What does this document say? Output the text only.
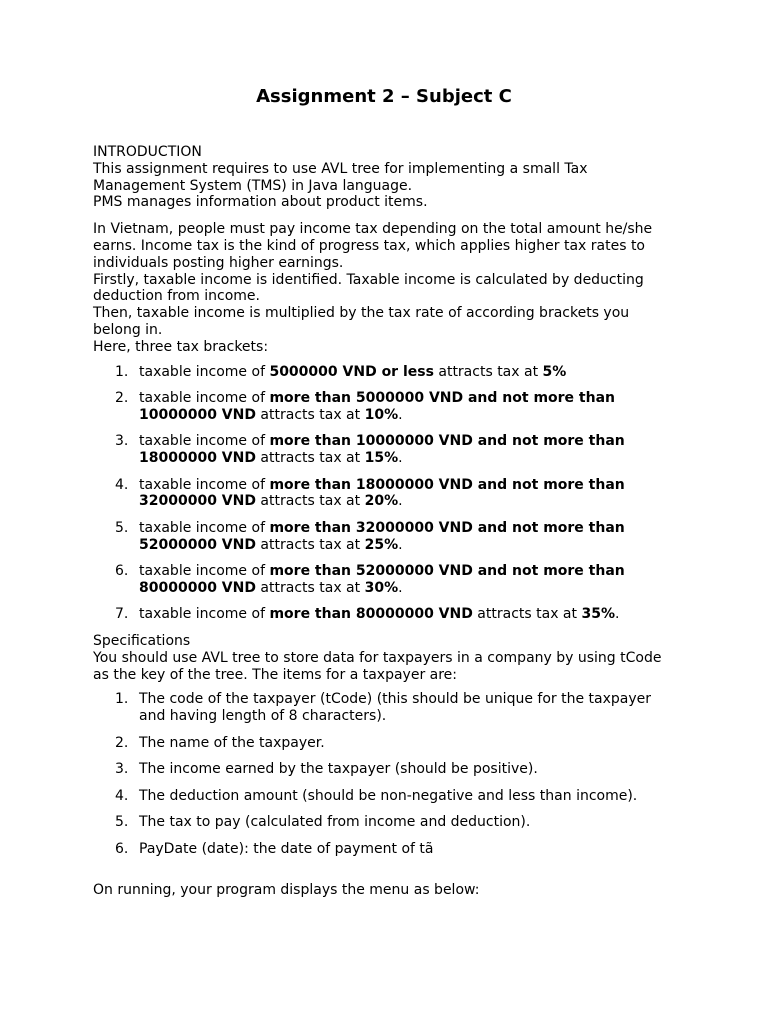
Assignment 2 – Subject C

INTRODUCTION

This assignment requires to use AVL tree for implementing a small Tax Management System (TMS) in Java language.

PMS manages information about product items.

In Vietnam, people must pay income tax depending on the total amount he/she earns. Income tax is the kind of progress tax, which applies higher tax rates to individuals posting higher earnings.

Firstly, taxable income is identified. Taxable income is calculated by deducting deduction from income.

Then, taxable income is multiplied by the tax rate of according brackets you belong in.

Here, three tax brackets:

1. taxable income of 5000000 VND or less attracts tax at 5%
2. taxable income of more than 5000000 VND and not more than 10000000 VND attracts tax at 10%.
3. taxable income of more than 10000000 VND and not more than 18000000 VND attracts tax at 15%.
4. taxable income of more than 18000000 VND and not more than 32000000 VND attracts tax at 20%.
5. taxable income of more than 32000000 VND and not more than 52000000 VND attracts tax at 25%.
6. taxable income of more than 52000000 VND and not more than 80000000 VND attracts tax at 30%.
7. taxable income of more than 80000000 VND attracts tax at 35%.

Specifications

You should use AVL tree to store data for taxpayers in a company by using tCode as the key of the tree. The items for a taxpayer are:

1. The code of the taxpayer (tCode) (this should be unique for the taxpayer and having length of 8 characters).
2. The name of the taxpayer.
3. The income earned by the taxpayer (should be positive).
4. The deduction amount (should be non-negative and less than income).
5. The tax to pay (calculated from income and deduction).
6. PayDate (date): the date of payment of tã

On running, your program displays the menu as below:
